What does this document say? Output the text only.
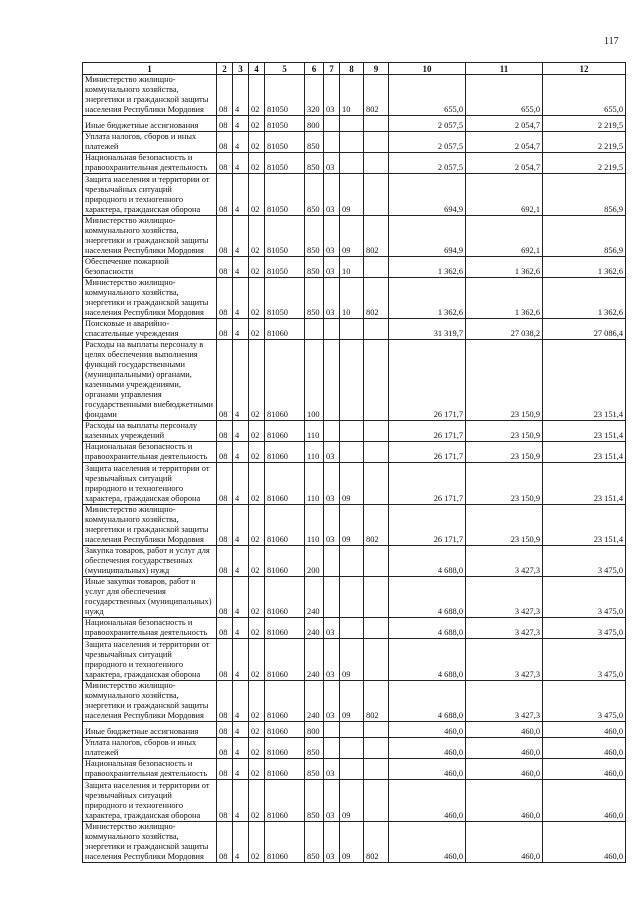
117
1	2	3	4	5	6	7	8	9	10	11	12
Министерство жилищно-коммунального хозяйства, энергетики и гражданской защиты населения Республики Мордовия	08	4	02	81050	320	03	10	802	655,0	655,0	655,0
Иные бюджетные ассигнования	08	4	02	81050	800				2 057,5	2 054,7	2 219,5
Уплата налогов, сборов и иных платежей	08	4	02	81050	850				2 057,5	2 054,7	2 219,5
Национальная безопасность и правоохранительная деятельность	08	4	02	81050	850	03			2 057,5	2 054,7	2 219,5
Защита населения и территории от чрезвычайных ситуаций природного и техногенного характера, гражданская оборона	08	4	02	81050	850	03	09		694,9	692,1	856,9
Министерство жилищно-коммунального хозяйства, энергетики и гражданской защиты населения Республики Мордовия	08	4	02	81050	850	03	09	802	694,9	692,1	856,9
Обеспечение пожарной безопасности	08	4	02	81050	850	03	10		1 362,6	1 362,6	1 362,6
Министерство жилищно-коммунального хозяйства, энергетики и гражданской защиты населения Республики Мордовия	08	4	02	81050	850	03	10	802	1 362,6	1 362,6	1 362,6
Поисковые и аварийно-спасательные учреждения	08	4	02	81060					31 319,7	27 038,2	27 086,4
Расходы на выплаты персоналу в целях обеспечения выполнения функций государственными (муниципальными) органами, казенными учреждениями, органами управления государственными внебюджетными фондами	08	4	02	81060	100				26 171,7	23 150,9	23 151,4
Расходы на выплаты персоналу казенных учреждений	08	4	02	81060	110				26 171,7	23 150,9	23 151,4
Национальная безопасность и правоохранительная деятельность	08	4	02	81060	110	03			26 171,7	23 150,9	23 151,4
Защита населения и территории от чрезвычайных ситуаций природного и техногенного характера, гражданская оборона	08	4	02	81060	110	03	09		26 171,7	23 150,9	23 151,4
Министерство жилищно-коммунального хозяйства, энергетики и гражданской защиты населения Республики Мордовия	08	4	02	81060	110	03	09	802	26 171,7	23 150,9	23 151,4
Закупка товаров, работ и услуг для обеспечения государственных (муниципальных) нужд	08	4	02	81060	200				4 688,0	3 427,3	3 475,0
Иные закупки товаров, работ и услуг для обеспечения государственных (муниципальных) нужд	08	4	02	81060	240				4 688,0	3 427,3	3 475,0
Национальная безопасность и правоохранительная деятельность	08	4	02	81060	240	03			4 688,0	3 427,3	3 475,0
Защита населения и территории от чрезвычайных ситуаций природного и техногенного характера, гражданская оборона	08	4	02	81060	240	03	09		4 688,0	3 427,3	3 475,0
Министерство жилищно-коммунального хозяйства, энергетики и гражданской защиты населения Республики Мордовия	08	4	02	81060	240	03	09	802	4 688,0	3 427,3	3 475,0
Иные бюджетные ассигнования	08	4	02	81060	800				460,0	460,0	460,0
Уплата налогов, сборов и иных платежей	08	4	02	81060	850				460,0	460,0	460,0
Национальная безопасность и правоохранительная деятельность	08	4	02	81060	850	03			460,0	460,0	460,0
Защита населения и территории от чрезвычайных ситуаций природного и техногенного характера, гражданская оборона	08	4	02	81060	850	03	09		460,0	460,0	460,0
Министерство жилищно-коммунального хозяйства, энергетики и гражданской защиты населения Республики Мордовия	08	4	02	81060	850	03	09	802	460,0	460,0	460,0
